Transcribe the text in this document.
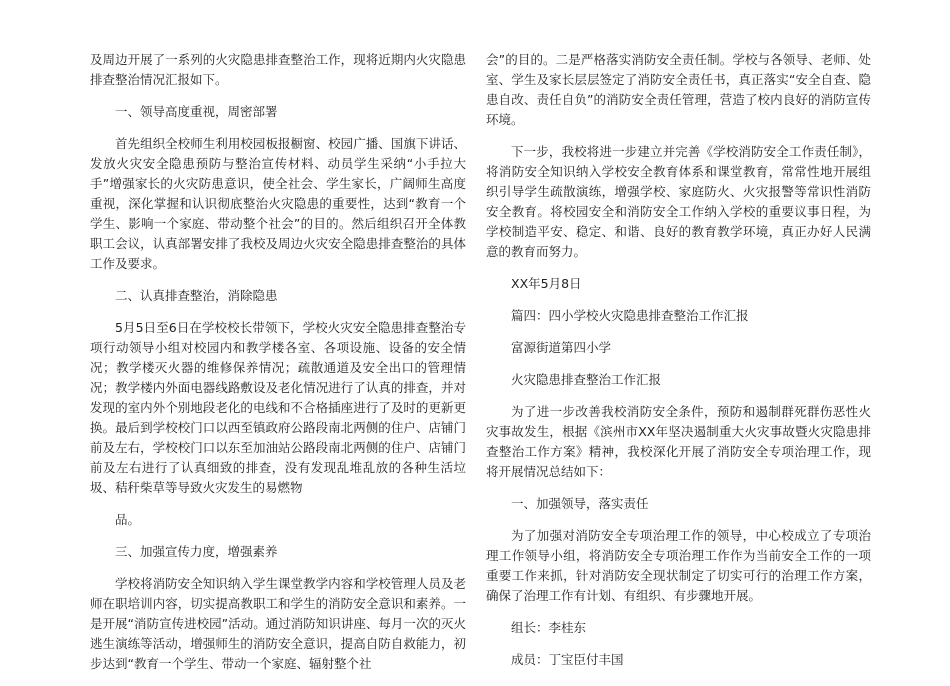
及周边开展了一系列的火灾隐患排查整治工作，现将近期内火灾隐患排查整治情况汇报如下。

一、领导高度重视，周密部署

首先组织全校师生利用校园板报橱窗、校园广播、国旗下讲话、发放火灾安全隐患预防与整治宣传材料、动员学生采纳“小手拉大手”增强家长的火灾防患意识，使全社会、学生家长，广阔师生高度重视，深化掌握和认识彻底整治火灾隐患的重要性，达到“教育一个学生、影响一个家庭、带动整个社会”的目的。然后组织召开全体教职工会议，认真部署安排了我校及周边火灾安全隐患排查整治的具体工作及要求。

二、认真排查整治，消除隐患

5月5日至6日在学校校长带领下，学校火灾安全隐患排查整治专项行动领导小组对校园内和教学楼各室、各项设施、设备的安全情况；教学楼灭火器的维修保养情况；疏散通道及安全出口的管理情况；教学楼内外面电器线路敷设及老化情况进行了认真的排查，并对发现的室内外个别地段老化的电线和不合格插座进行了及时的更新更换。最后到学校校门口以西至镇政府公路段南北两侧的住户、店铺门前及左右，学校校门口以东至加油站公路段南北两侧的住户、店铺门前及左右进行了认真细致的排查，没有发现乱堆乱放的各种生活垃圾、秸秆柴草等导致火灾发生的易燃物

品。

三、加强宣传力度，增强素养

学校将消防安全知识纳入学生课堂教学内容和学校管理人员及老师在职培训内容，切实提高教职工和学生的消防安全意识和素养。一是开展“消防宣传进校园”活动。通过消防知识讲座、每月一次的灭火逃生演练等活动，增强师生的消防安全意识，提高自防自救能力，初步达到“教育一个学生、带动一个家庭、辐射整个社

会”的目的。二是严格落实消防安全责任制。学校与各领导、老师、处室、学生及家长层层签定了消防安全责任书，真正落实“安全自查、隐患自改、责任自负”的消防安全责任管理，营造了校内良好的消防宣传环境。

下一步，我校将进一步建立并完善《学校消防安全工作责任制》，将消防安全知识纳入学校安全教育体系和课堂教育，常常性地开展组织引导学生疏散演练，增强学校、家庭防火、火灾报警等常识性消防安全教育。将校园安全和消防安全工作纳入学校的重要议事日程，为学校制造平安、稳定、和谐、良好的教育教学环境，真正办好人民满意的教育而努力。

XX年5月8日

篇四：四小学校火灾隐患排查整治工作汇报

富源街道第四小学

火灾隐患排查整治工作汇报

为了进一步改善我校消防安全条件，预防和遏制群死群伤恶性火灾事故发生，根据《滨州市XX年坚决遏制重大火灾事故暨火灾隐患排查整治工作方案》精神，我校深化开展了消防安全专项治理工作，现将开展情况总结如下：

一、加强领导，落实责任

为了加强对消防安全专项治理工作的领导，中心校成立了专项治理工作领导小组，将消防安全专项治理工作作为当前安全工作的一项重要工作来抓，针对消防安全现状制定了切实可行的治理工作方案，确保了治理工作有计划、有组织、有步骤地开展。

组长：李桂东

成员：丁宝臣付丰国
